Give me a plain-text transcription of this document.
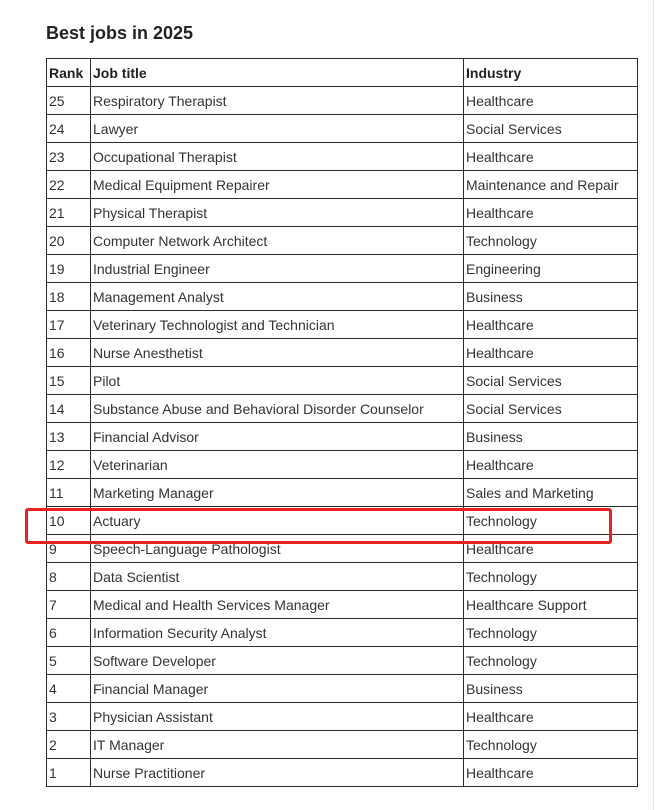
Best jobs in 2025
Rank	Job title	Industry
25	Respiratory Therapist	Healthcare
24	Lawyer	Social Services
23	Occupational Therapist	Healthcare
22	Medical Equipment Repairer	Maintenance and Repair
21	Physical Therapist	Healthcare
20	Computer Network Architect	Technology
19	Industrial Engineer	Engineering
18	Management Analyst	Business
17	Veterinary Technologist and Technician	Healthcare
16	Nurse Anesthetist	Healthcare
15	Pilot	Social Services
14	Substance Abuse and Behavioral Disorder Counselor	Social Services
13	Financial Advisor	Business
12	Veterinarian	Healthcare
11	Marketing Manager	Sales and Marketing
10	Actuary	Technology
9	Speech-Language Pathologist	Healthcare
8	Data Scientist	Technology
7	Medical and Health Services Manager	Healthcare Support
6	Information Security Analyst	Technology
5	Software Developer	Technology
4	Financial Manager	Business
3	Physician Assistant	Healthcare
2	IT Manager	Technology
1	Nurse Practitioner	Healthcare
